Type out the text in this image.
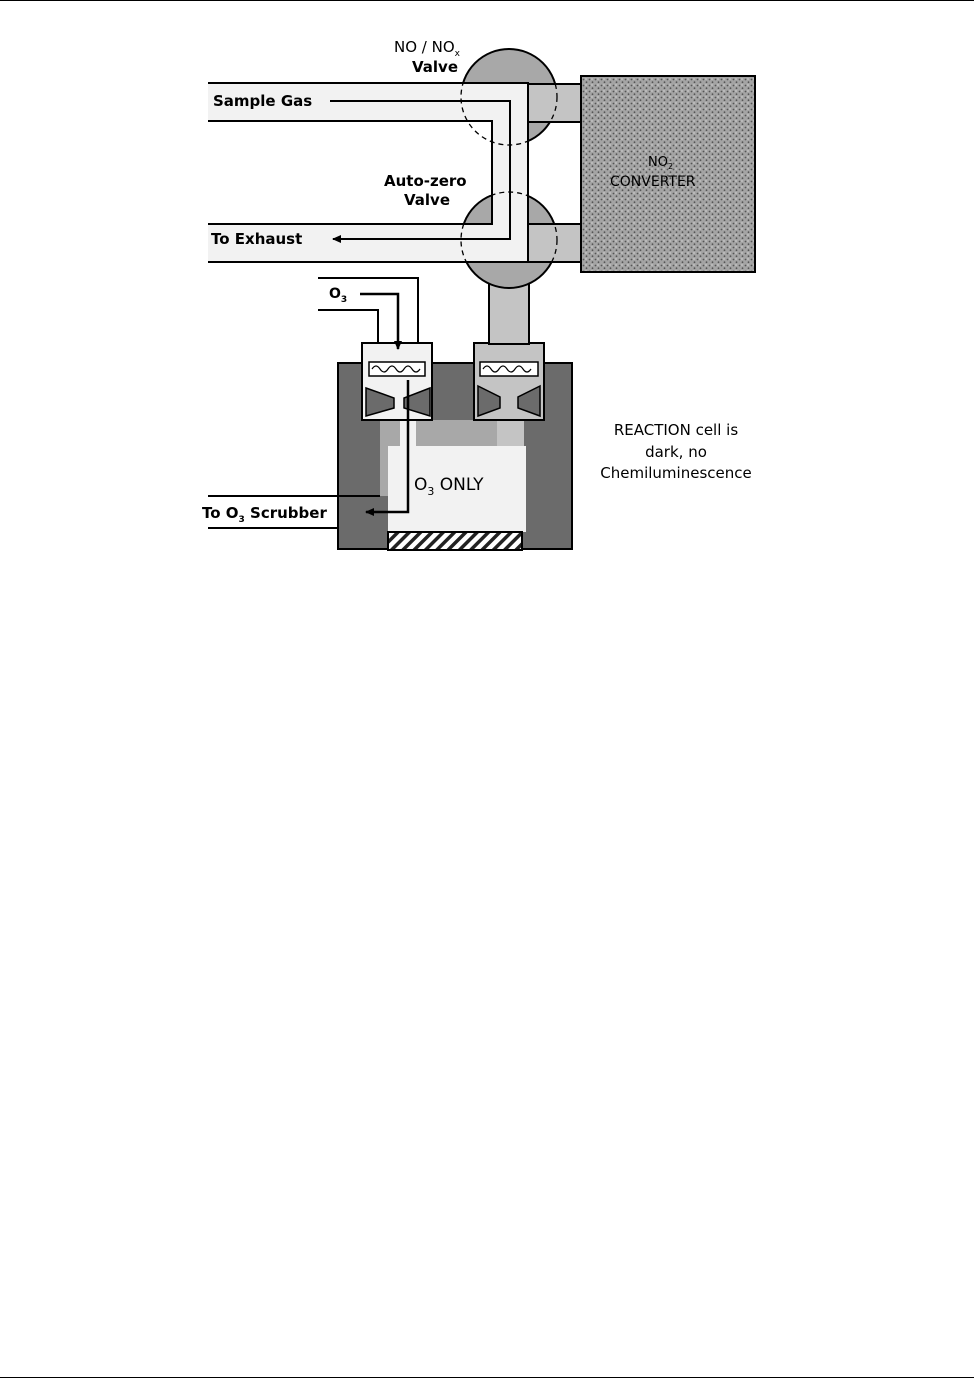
NO / $NO_x$
Valve
Sample Gas
Auto-zero
Valve
To Exhaust
$NO_2$
CONVERTER
$O_3$
$O_3$ ONLY
To $O_3$ Scrubber
REACTION cell is
dark, no
Chemiluminescence
